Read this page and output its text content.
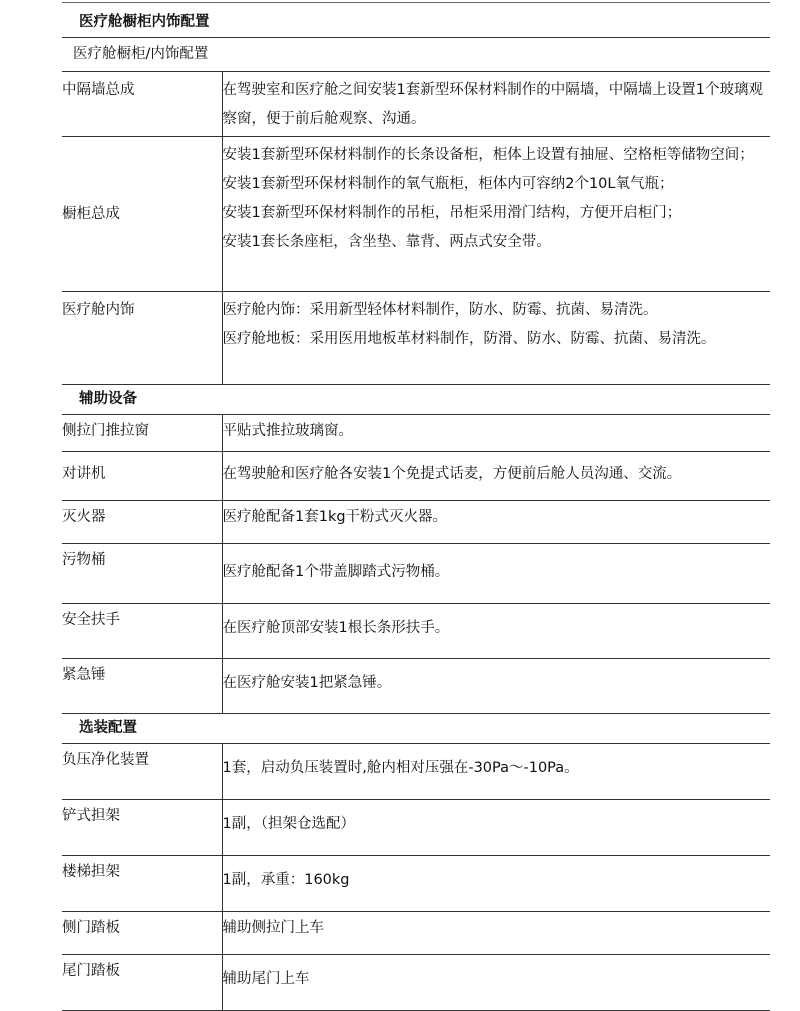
医疗舱橱柜内饰配置	
医疗舱橱柜/内饰配置	
中隔墙总成	在驾驶室和医疗舱之间安装1套新型环保材料制作的中隔墙，中隔墙上设置1个玻璃观察窗，便于前后舱观察、沟通。

橱柜总成	安装1套新型环保材料制作的长条设备柜，柜体上设置有抽屉、空格柜等储物空间；

安装1套新型环保材料制作的氧气瓶柜，柜体内可容纳2个10L氧气瓶；

安装1套新型环保材料制作的吊柜，吊柜采用滑门结构，方便开启柜门；

安装1套长条座柜，含坐垫、靠背、两点式安全带。

医疗舱内饰	医疗舱内饰：采用新型轻体材料制作，防水、防霉、抗菌、易清洗。

医疗舱地板：采用医用地板革材料制作，防滑、防水、防霉、抗菌、易清洗。

辅助设备	
侧拉门推拉窗	平贴式推拉玻璃窗。
对讲机	在驾驶舱和医疗舱各安装1个免提式话麦，方便前后舱人员沟通、交流。
灭火器	医疗舱配备1套1kg干粉式灭火器。
污物桶	医疗舱配备1个带盖脚踏式污物桶。
安全扶手	在医疗舱顶部安装1根长条形扶手。
紧急锤	在医疗舱安装1把紧急锤。
选装配置	
负压净化装置	1套，启动负压装置时,舱内相对压强在-30Pa～-10Pa。
铲式担架	1副，（担架仓选配）
楼梯担架	1副，承重：160kg
侧门踏板	辅助侧拉门上车
尾门踏板	辅助尾门上车
